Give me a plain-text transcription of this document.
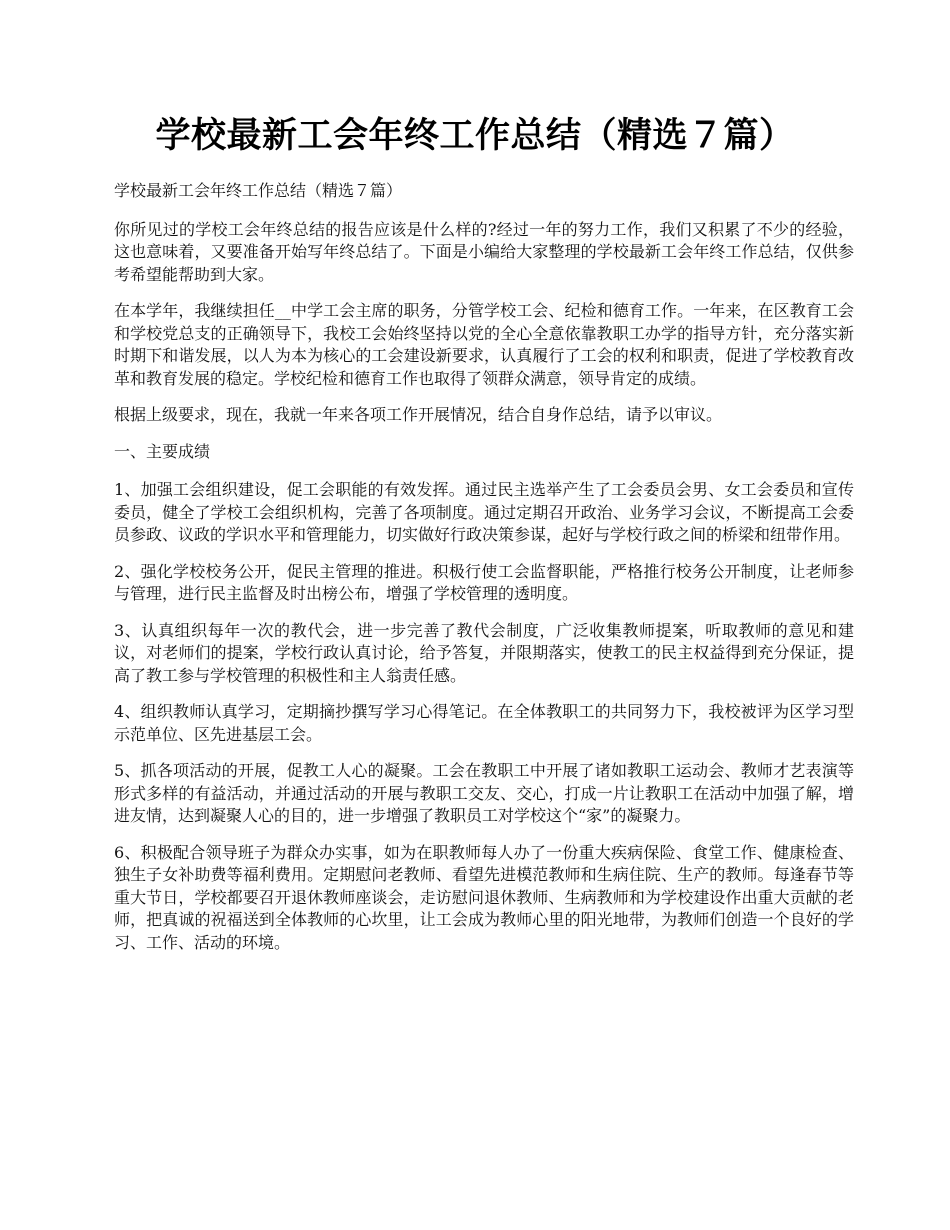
学校最新工会年终工作总结（精选７篇）

学校最新工会年终工作总结（精选７篇）

你所见过的学校工会年终总结的报告应该是什么样的?经过一年的努力工作，我们又积累了不少的经验，这也意味着，又要准备开始写年终总结了。下面是小编给大家整理的学校最新工会年终工作总结，仅供参考希望能帮助到大家。

在本学年，我继续担任__中学工会主席的职务，分管学校工会、纪检和德育工作。一年来，在区教育工会和学校党总支的正确领导下，我校工会始终坚持以党的全心全意依靠教职工办学的指导方针，充分落实新时期下和谐发展，以人为本为核心的工会建设新要求，认真履行了工会的权利和职责，促进了学校教育改革和教育发展的稳定。学校纪检和德育工作也取得了领群众满意，领导肯定的成绩。

根据上级要求，现在，我就一年来各项工作开展情况，结合自身作总结，请予以审议。

一、主要成绩

1、加强工会组织建设，促工会职能的有效发挥。通过民主选举产生了工会委员会男、女工会委员和宣传委员，健全了学校工会组织机构，完善了各项制度。通过定期召开政治、业务学习会议，不断提高工会委员参政、议政的学识水平和管理能力，切实做好行政决策参谋，起好与学校行政之间的桥梁和纽带作用。

2、强化学校校务公开，促民主管理的推进。积极行使工会监督职能，严格推行校务公开制度，让老师参与管理，进行民主监督及时出榜公布，增强了学校管理的透明度。

3、认真组织每年一次的教代会，进一步完善了教代会制度，广泛收集教师提案，听取教师的意见和建议，对老师们的提案，学校行政认真讨论，给予答复，并限期落实，使教工的民主权益得到充分保证，提高了教工参与学校管理的积极性和主人翁责任感。

4、组织教师认真学习，定期摘抄撰写学习心得笔记。在全体教职工的共同努力下，我校被评为区学习型示范单位、区先进基层工会。

5、抓各项活动的开展，促教工人心的凝聚。工会在教职工中开展了诸如教职工运动会、教师才艺表演等形式多样的有益活动，并通过活动的开展与教职工交友、交心，打成一片让教职工在活动中加强了解，增进友情，达到凝聚人心的目的，进一步增强了教职员工对学校这个“家”的凝聚力。

6、积极配合领导班子为群众办实事，如为在职教师每人办了一份重大疾病保险、食堂工作、健康检查、独生子女补助费等福利费用。定期慰问老教师、看望先进模范教师和生病住院、生产的教师。每逢春节等重大节日，学校都要召开退休教师座谈会，走访慰问退休教师、生病教师和为学校建设作出重大贡献的老师，把真诚的祝福送到全体教师的心坎里，让工会成为教师心里的阳光地带，为教师们创造一个良好的学习、工作、活动的环境。
